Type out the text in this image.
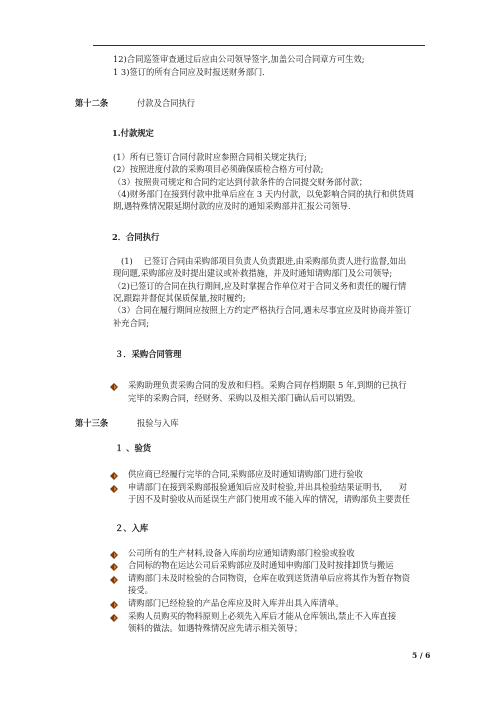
12)合同巡签审查通过后应由公司领导签字,加盖公司合同章方可生效;
1 3)签订的所有合同应及时报送财务部门.
第十二条	付款及合同执行
1.付款规定
(1）所有已签订合同付款时应参照合同相关规定执行;
(2）按照进度付款的采购项目必须确保质检合格方可付款;
（3）按照贵司规定和合同约定达到付款条件的合同提交财务部付款；
（4)财务部门在接到付款申批单后应在 3 天内付款，以免影响合同的执行和供货周
期,遇特殊情况限延期付款的应及时的通知采购部并汇报公司领导.
2．合同执行
(1)　 已签订合同由采购部项目负责人负责跟进,由采购部负责人进行监督,如出
现问题,采购部应及时提出建议或补救措施，并及时通知请购部门及公司领导;
（2)已签订的合同在执行期间,应及时掌握合作单位对于合同义务和责任的履行情
况,跟踪并督促其保质保量,按时履约;
（3）合同在履行期间应按照上方约定严格执行合同,遇未尽事宜应及时协商并签订
补充合同;
３．采购合同管理
采购助理负责采购合同的发放和归档。采购合同存档期限 5 年,到期的已执行
完毕的采购合同，经财务、采购以及相关部门确认后可以销毁。
第十三条	报验与入库
１ 、验货
供应商已经履行完毕的合同,采购部应及时通知请购部门进行验收
申请部门在接到采购部报验通知后应及时检验,并出具检验结果证明书,　　对
于因不及时验收从而延误生产部门使用或不能入库的情况，请购部负主要责任
２、入库
公司所有的生产材料,设备入库前均应通知请购部门检验或验收
合同标的物在运达公司后采购部应及时通知申购部门及时按排卸货与搬运
请购部门未及时检验的合同物资，仓库在收到送货清单后应将其作为暂存物资
接受。
请购部门已经检验的产品仓库应及时入库并出具入库清单。
采购人员购买的物料原则上必须先入库后才能从仓库领出,禁止不入库直接
领料的做法。如遇特殊情况应先请示相关领导；
5 / 6
